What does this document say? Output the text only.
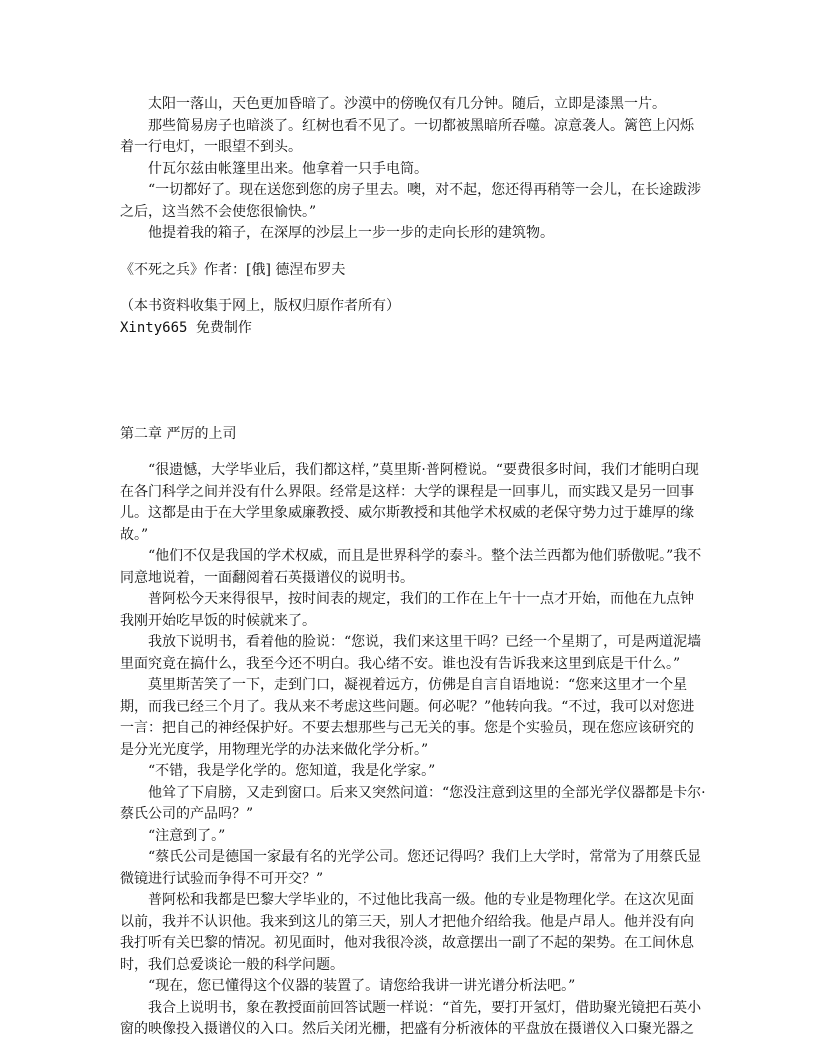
太阳一落山，天色更加昏暗了。沙漠中的傍晚仅有几分钟。随后，立即是漆黑一片。

那些简易房子也暗淡了。红树也看不见了。一切都被黑暗所吞噬。凉意袭人。篱笆上闪烁着一行电灯，一眼望不到头。

什瓦尔兹由帐篷里出来。他拿着一只手电筒。

“一切都好了。现在送您到您的房子里去。噢，对不起，您还得再稍等一会儿，在长途跋涉之后，这当然不会使您很愉快。”

他提着我的箱子，在深厚的沙层上一步一步的走向长形的建筑物。

《不死之兵》作者：[俄] 德涅布罗夫

（本书资料收集于网上，版权归原作者所有）

Xinty665 免费制作

第二章 严厉的上司

“很遗憾，大学毕业后，我们都这样，”莫里斯·普阿橙说。“要费很多时间，我们才能明白现在各门科学之间并没有什么界限。经常是这样：大学的课程是一回事儿，而实践又是另一回事儿。这都是由于在大学里象威廉教授、威尔斯教授和其他学术权威的老保守势力过于雄厚的缘故。”

“他们不仅是我国的学术权威，而且是世界科学的泰斗。整个法兰西都为他们骄傲呢。”我不同意地说着，一面翻阅着石英摄谱仪的说明书。

普阿松今天来得很早，按时间表的规定，我们的工作在上午十一点才开始，而他在九点钟我刚开始吃早饭的时候就来了。

我放下说明书，看着他的脸说：“您说，我们来这里干吗？已经一个星期了，可是两道泥墙里面究竟在搞什么，我至今还不明白。我心绪不安。谁也没有告诉我来这里到底是干什么。”

莫里斯苦笑了一下，走到门口，凝视着远方，仿佛是自言自语地说：“您来这里才一个星期，而我已经三个月了。我从来不考虑这些问题。何必呢？”他转向我。“不过，我可以对您进一言：把自己的神经保护好。不要去想那些与己无关的事。您是个实验员，现在您应该研究的是分光光度学，用物理光学的办法来做化学分析。”

“不错，我是学化学的。您知道，我是化学家。”

他耸了下肩膀，又走到窗口。后来又突然问道：“您没注意到这里的全部光学仪器都是卡尔·蔡氏公司的产品吗？”

“注意到了。”

“蔡氏公司是德国一家最有名的光学公司。您还记得吗？我们上大学时，常常为了用蔡氏显微镜进行试验而争得不可开交？”

普阿松和我都是巴黎大学毕业的，不过他比我高一级。他的专业是物理化学。在这次见面以前，我并不认识他。我来到这儿的第三天，别人才把他介绍给我。他是卢昂人。他并没有向我打听有关巴黎的情况。初见面时，他对我很冷淡，故意摆出一副了不起的架势。在工间休息时，我们总爱谈论一般的科学问题。

“现在，您已懂得这个仪器的装置了。请您给我讲一讲光谱分析法吧。”

我合上说明书，象在教授面前回答试题一样说：“首先，要打开氢灯，借助聚光镜把石英小窗的映像投入摄谱仪的入口。然后关闭光栅，把盛有分析液体的平盘放在摄谱仪入口聚光器之
